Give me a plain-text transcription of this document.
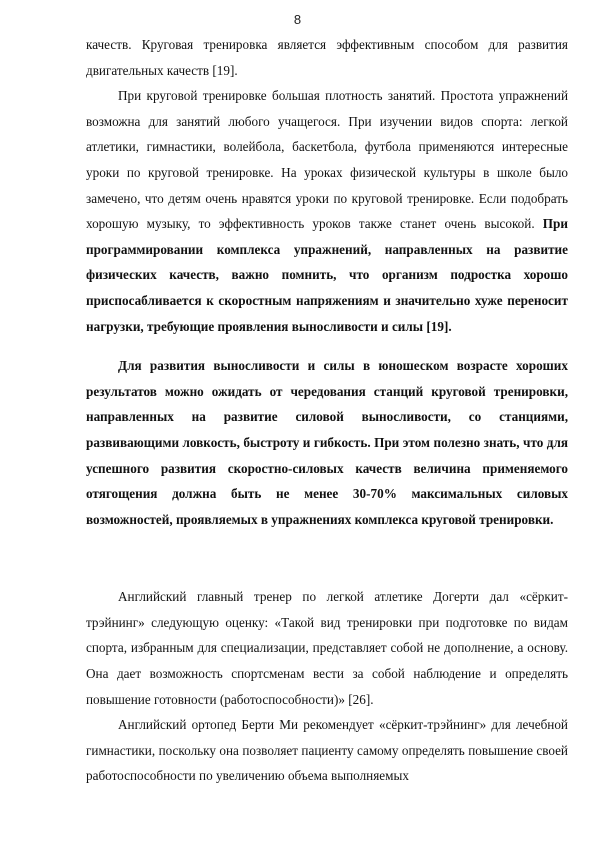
8

качеств. Круговая тренировка является эффективным способом для развития двигательных качеств [19].

При круговой тренировке большая плотность занятий. Простота упражнений возможна для занятий любого учащегося. При изучении видов спорта: легкой атлетики, гимнастики, волейбола, баскетбола, футбола применяются интересные уроки по круговой тренировке. На уроках физической культуры в школе было замечено, что детям очень нравятся уроки по круговой тренировке. Если подобрать хорошую музыку, то эффективность уроков также станет очень высокой. При программировании комплекса упражнений, направленных на развитие физических качеств, важно помнить, что организм подростка хорошо приспосабливается к скоростным напряжениям и значительно хуже переносит нагрузки, требующие проявления выносливости и силы [19].

Для развития выносливости и силы в юношеском возрасте хороших результатов можно ожидать от чередования станций круговой тренировки, направленных на развитие силовой выносливости, со станциями, развивающими ловкость, быстроту и гибкость. При этом полезно знать, что для успешного развития скоростно-силовых качеств величина применяемого отягощения должна быть не менее 30-70% максимальных силовых возможностей, проявляемых в упражнениях комплекса круговой тренировки.

Английский главный тренер по легкой атлетике Догерти дал «сёркит-трэйнинг» следующую оценку: «Такой вид тренировки при подготовке по видам спорта, избранным для специализации, представляет собой не дополнение, а основу. Она дает возможность спортсменам вести за собой наблюдение и определять повышение готовности (работоспособности)» [26].

Английский ортопед Берти Ми рекомендует «сёркит-трэйнинг» для лечебной гимнастики, поскольку она позволяет пациенту самому определять повышение своей работоспособности по увеличению объема выполняемых
